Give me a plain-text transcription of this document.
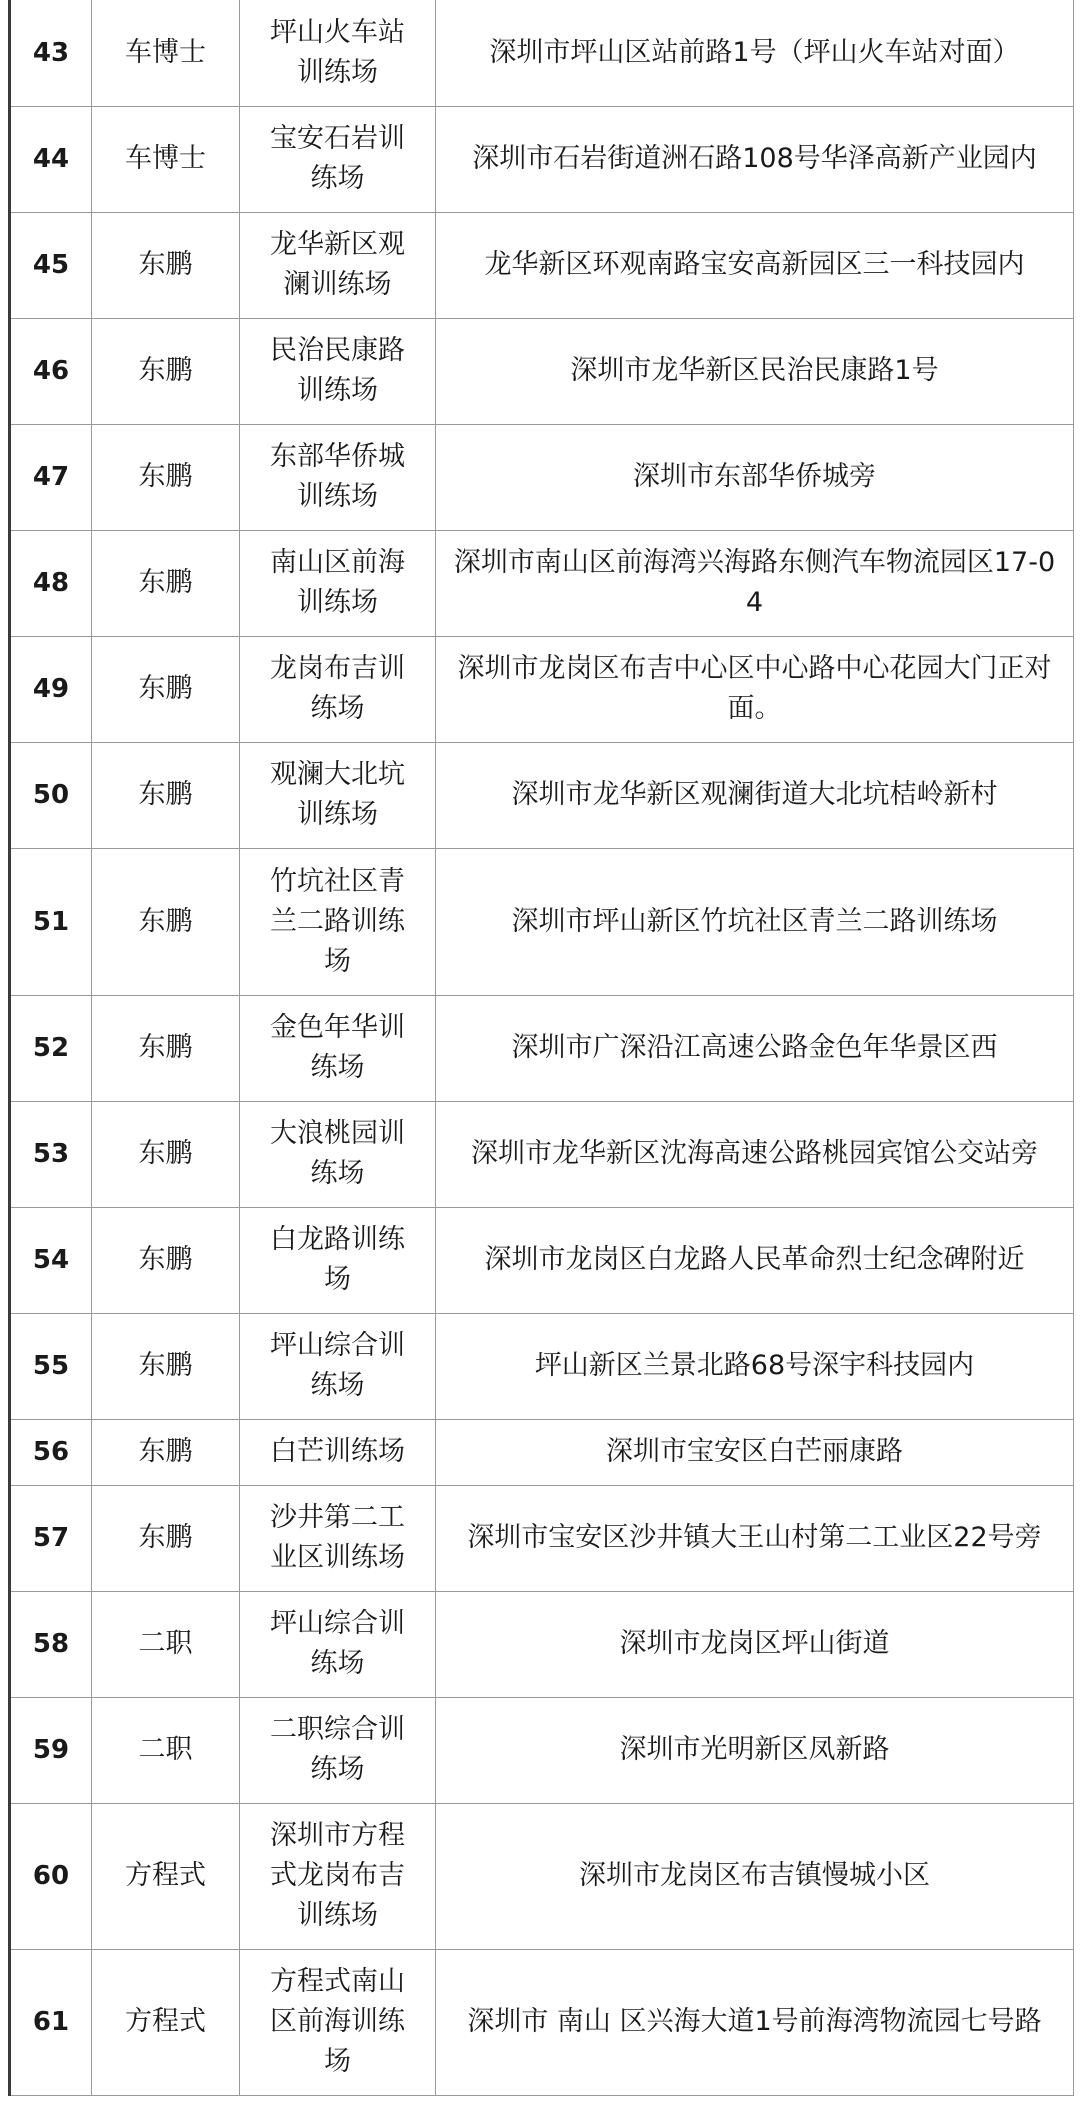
43	车博士	坪山火车站训练场	深圳市坪山区站前路1号（坪山火车站对面）
44	车博士	宝安石岩训练场	深圳市石岩街道洲石路108号华泽高新产业园内
45	东鹏	龙华新区观澜训练场	龙华新区环观南路宝安高新园区三一科技园内
46	东鹏	民治民康路训练场	深圳市龙华新区民治民康路1号
47	东鹏	东部华侨城训练场	深圳市东部华侨城旁
48	东鹏	南山区前海训练场	深圳市南山区前海湾兴海路东侧汽车物流园区17-04
49	东鹏	龙岗布吉训练场	深圳市龙岗区布吉中心区中心路中心花园大门正对面。
50	东鹏	观澜大北坑训练场	深圳市龙华新区观澜街道大北坑桔岭新村
51	东鹏	竹坑社区青兰二路训练场	深圳市坪山新区竹坑社区青兰二路训练场
52	东鹏	金色年华训练场	深圳市广深沿江高速公路金色年华景区西
53	东鹏	大浪桃园训练场	深圳市龙华新区沈海高速公路桃园宾馆公交站旁
54	东鹏	白龙路训练场	深圳市龙岗区白龙路人民革命烈士纪念碑附近
55	东鹏	坪山综合训练场	坪山新区兰景北路68号深宇科技园内
56	东鹏	白芒训练场	深圳市宝安区白芒丽康路
57	东鹏	沙井第二工业区训练场	深圳市宝安区沙井镇大王山村第二工业区22号旁
58	二职	坪山综合训练场	深圳市龙岗区坪山街道
59	二职	二职综合训练场	深圳市光明新区凤新路
60	方程式	深圳市方程式龙岗布吉训练场	深圳市龙岗区布吉镇慢城小区
61	方程式	方程式南山区前海训练场	深圳市 南山 区兴海大道1号前海湾物流园七号路
